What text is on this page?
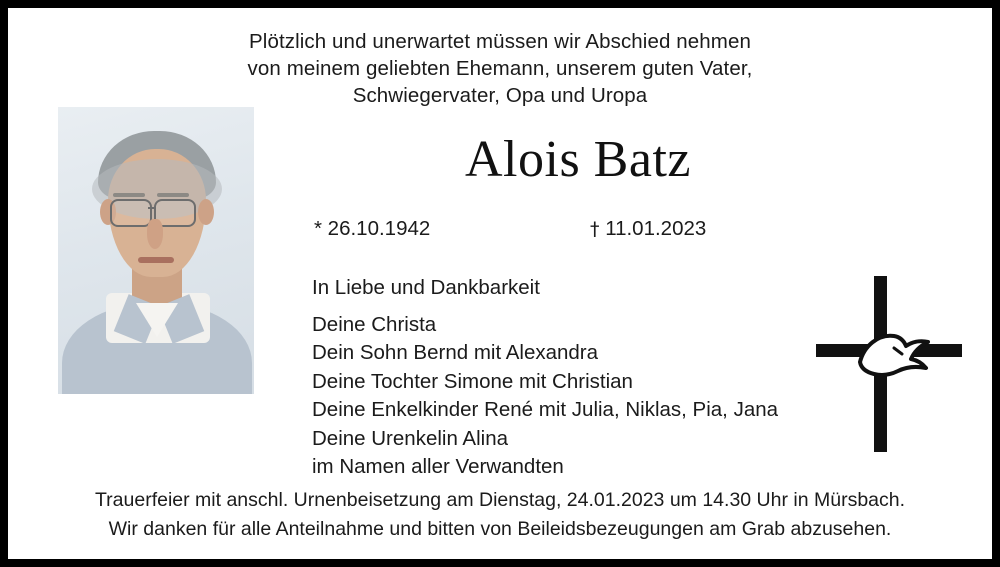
Plötzlich und unerwartet müssen wir Abschied nehmen
von meinem geliebten Ehemann, unserem guten Vater,
Schwiegervater, Opa und Uropa
Alois Batz
* 26.10.1942	† 11.01.2023
In Liebe und Dankbarkeit
Deine Christa
Dein Sohn Bernd mit Alexandra
Deine Tochter Simone mit Christian
Deine Enkelkinder René mit Julia, Niklas, Pia, Jana
Deine Urenkelin Alina
im Namen aller Verwandten
Trauerfeier mit anschl. Urnenbeisetzung am Dienstag, 24.01.2023 um 14.30 Uhr in Mürsbach.
Wir danken für alle Anteilnahme und bitten von Beileidsbezeugungen am Grab abzusehen.
